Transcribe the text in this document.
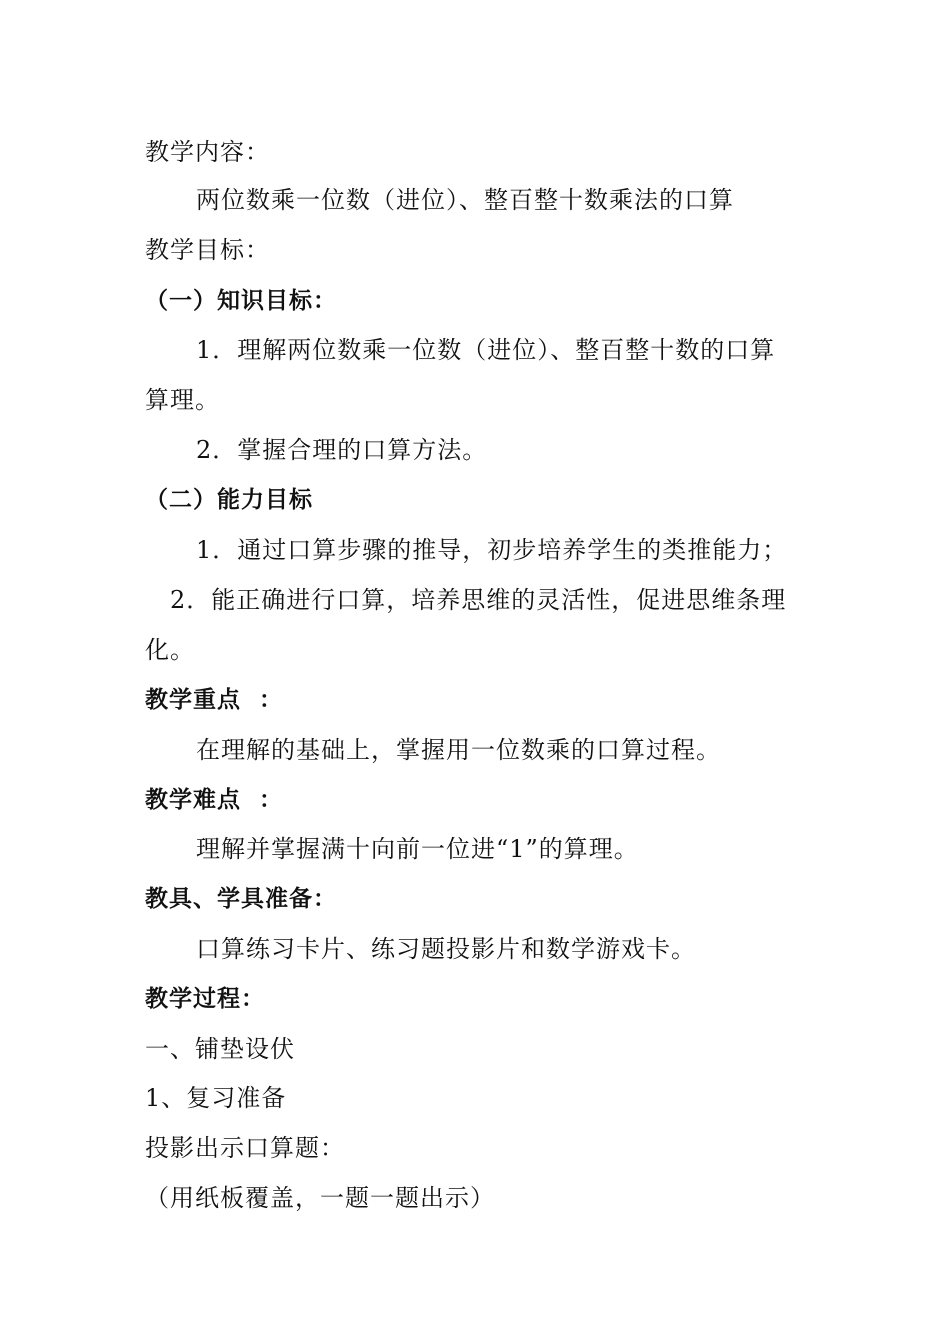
教学内容：
两位数乘一位数（进位）、整百整十数乘法的口算
教学目标：
（一）知识目标：
1．理解两位数乘一位数（进位）、整百整十数的口算
算理。
2．掌握合理的口算方法。
（二）能力目标
1．通过口算步骤的推导，初步培养学生的类推能力；
2．能正确进行口算，培养思维的灵活性，促进思维条理
化。
教学重点 ：
在理解的基础上，掌握用一位数乘的口算过程。
教学难点 ：
理解并掌握满十向前一位进“1”的算理。
教具、学具准备：
口算练习卡片、练习题投影片和数学游戏卡。
教学过程：
一、铺垫设伏
1、复习准备
投影出示口算题：
（用纸板覆盖，一题一题出示）
